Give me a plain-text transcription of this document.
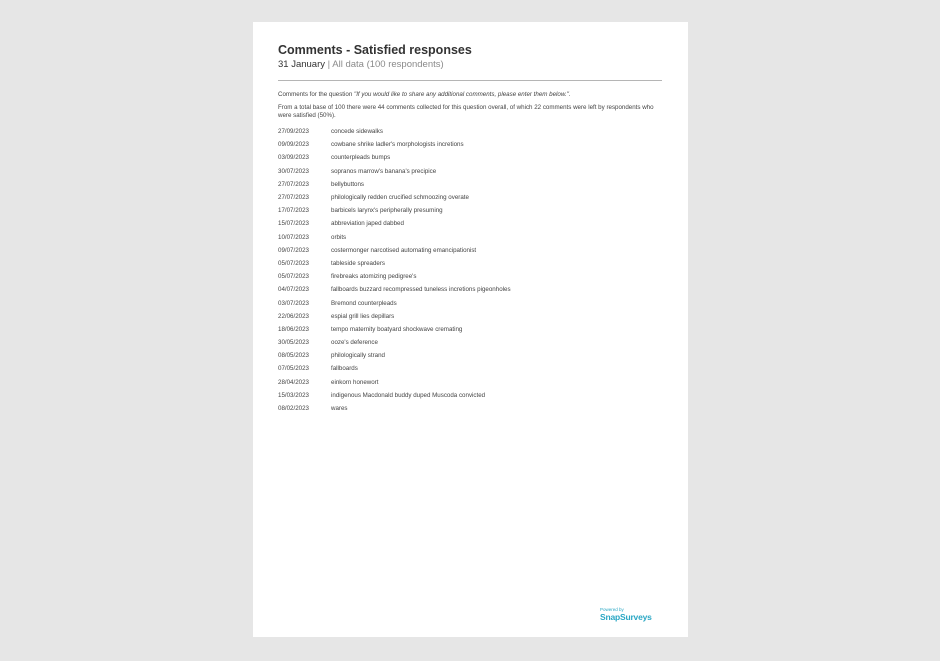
Comments - Satisfied responses
31 January | All data (100 respondents)
Comments for the question "If you would like to share any additional comments, please enter them below.".
From a total base of 100 there were 44 comments collected for this question overall, of which 22 comments were left by respondents who were satisfied (50%).
27/09/2023	concede sidewalks
09/09/2023	cowbane shrike ladler's morphologists incretions
03/09/2023	counterpleads bumps
30/07/2023	sopranos marrow's banana's precipice
27/07/2023	bellybuttons
27/07/2023	philologically redden crucified schmoozing overate
17/07/2023	barbicels larynx's peripherally presuming
15/07/2023	abbreviation japed dabbed
10/07/2023	orbits
09/07/2023	costermonger narcotised automating emancipationist
05/07/2023	tableside spreaders
05/07/2023	firebreaks atomizing pedigree's
04/07/2023	fallboards buzzard recompressed tuneless incretions pigeonholes
03/07/2023	Bremond counterpleads
22/06/2023	espial grill lies depillars
18/06/2023	tempo maternity boatyard shockwave cremating
30/05/2023	ooze's deference
08/05/2023	philologically strand
07/05/2023	fallboards
28/04/2023	einkorn honewort
15/03/2023	indigenous Macdonald buddy duped Muscoda convicted
08/02/2023	wares
Powered by
SnapSurveys
